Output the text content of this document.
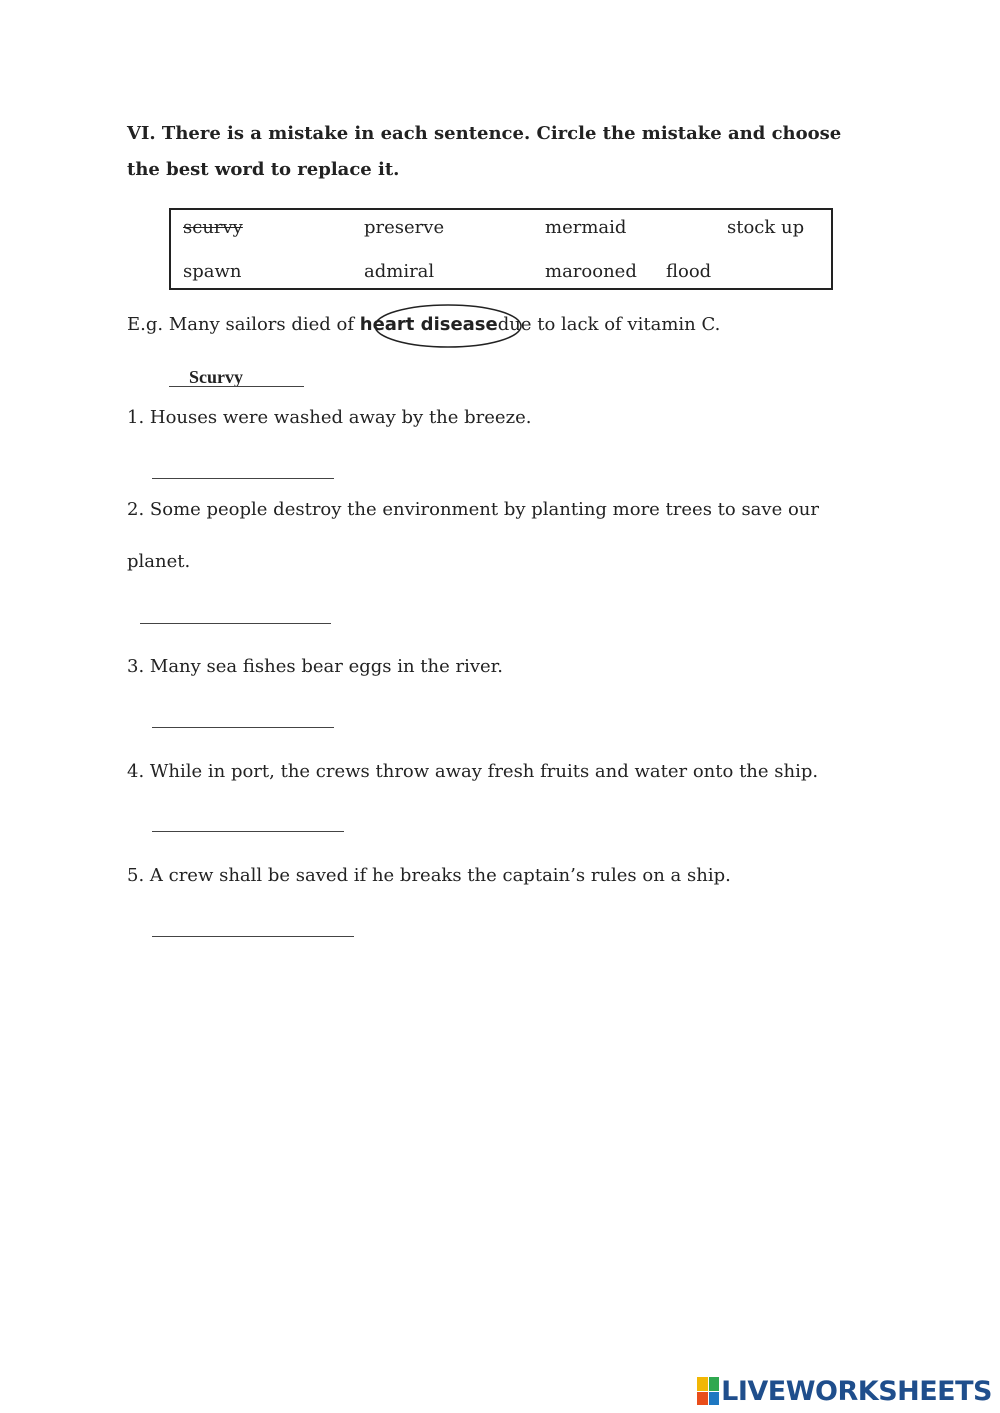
VI. There is a mistake in each sentence. Circle the mistake and choose
the best word to replace it.
scurvy	preserve	mermaid	stock up
spawn	admiral	marooned flood
E.g. Many sailors died of heart diseasedue to lack of vitamin C.
Scurvy
1. Houses were washed away by the breeze.
2. Some people destroy the environment by planting more trees to save our
planet.
3. Many sea fishes bear eggs in the river.
4. While in port, the crews throw away fresh fruits and water onto the ship.
5. A crew shall be saved if he breaks the captain’s rules on a ship.
LIVEWORKSHEETS
